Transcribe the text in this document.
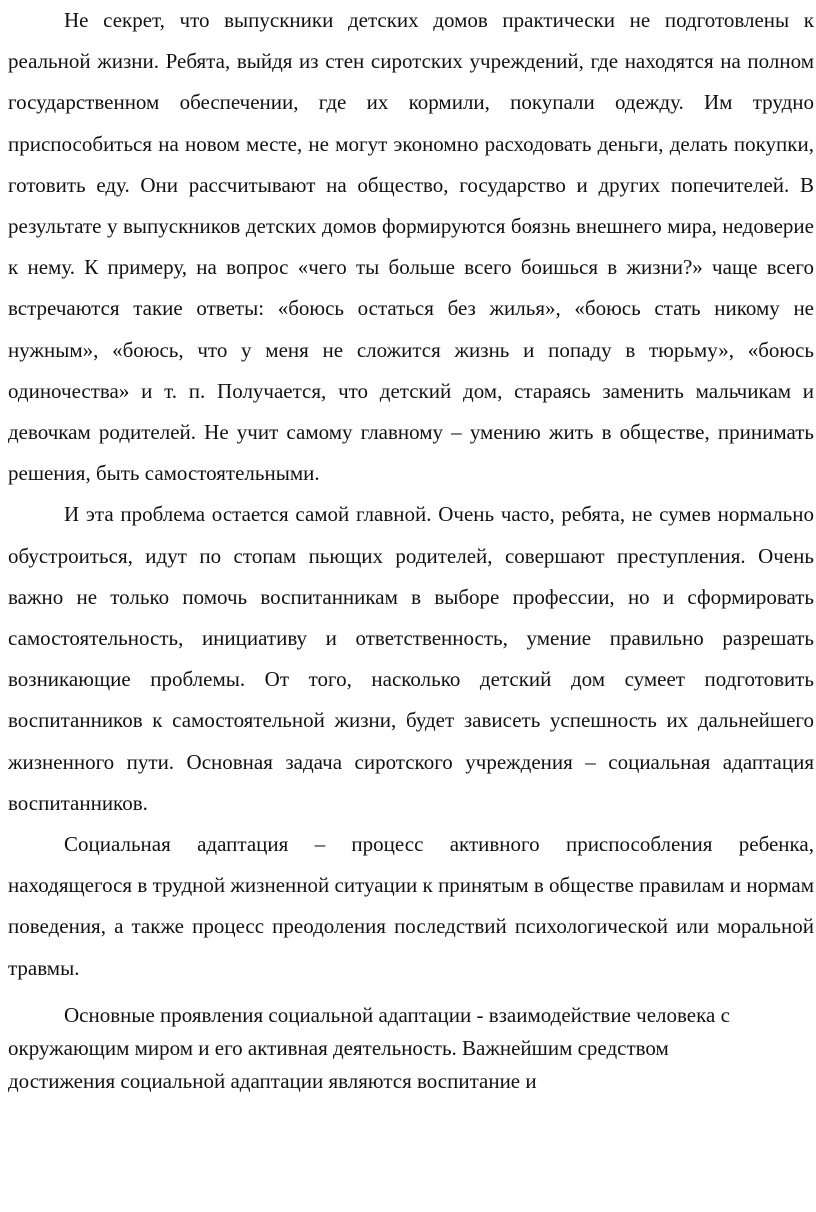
Не секрет, что выпускники детских домов практически не подготовлены к реальной жизни. Ребята, выйдя из стен сиротских учреждений, где находятся на полном государственном обеспечении, где их кормили, покупали одежду. Им трудно приспособиться на новом месте, не могут экономно расходовать деньги, делать покупки, готовить еду. Они рассчитывают на общество, государство и других попечителей. В результате у выпускников детских домов формируются боязнь внешнего мира, недоверие к нему. К примеру, на вопрос «чего ты больше всего боишься в жизни?» чаще всего встречаются такие ответы: «боюсь остаться без жилья», «боюсь стать никому не нужным», «боюсь, что у меня не сложится жизнь и попаду в тюрьму», «боюсь одиночества» и т. п. Получается, что детский дом, стараясь заменить мальчикам и девочкам родителей. Не учит самому главному – умению жить в обществе, принимать решения, быть самостоятельными.

И эта проблема остается самой главной. Очень часто, ребята, не сумев нормально обустроиться, идут по стопам пьющих родителей, совершают преступления. Очень важно не только помочь воспитанникам в выборе профессии, но и сформировать самостоятельность, инициативу и ответственность, умение правильно разрешать возникающие проблемы. От того, насколько детский дом сумеет подготовить воспитанников к самостоятельной жизни, будет зависеть успешность их дальнейшего жизненного пути. Основная задача сиротского учреждения – социальная адаптация воспитанников.

Социальная адаптация – процесс активного приспособления ребенка, находящегося в трудной жизненной ситуации к принятым в обществе правилам и нормам поведения, а также процесс преодоления последствий психологической или моральной травмы.

Основные проявления социальной адаптации - взаимодействие человека с окружающим миром и его активная деятельность. Важнейшим средством достижения социальной адаптации являются воспитание и
